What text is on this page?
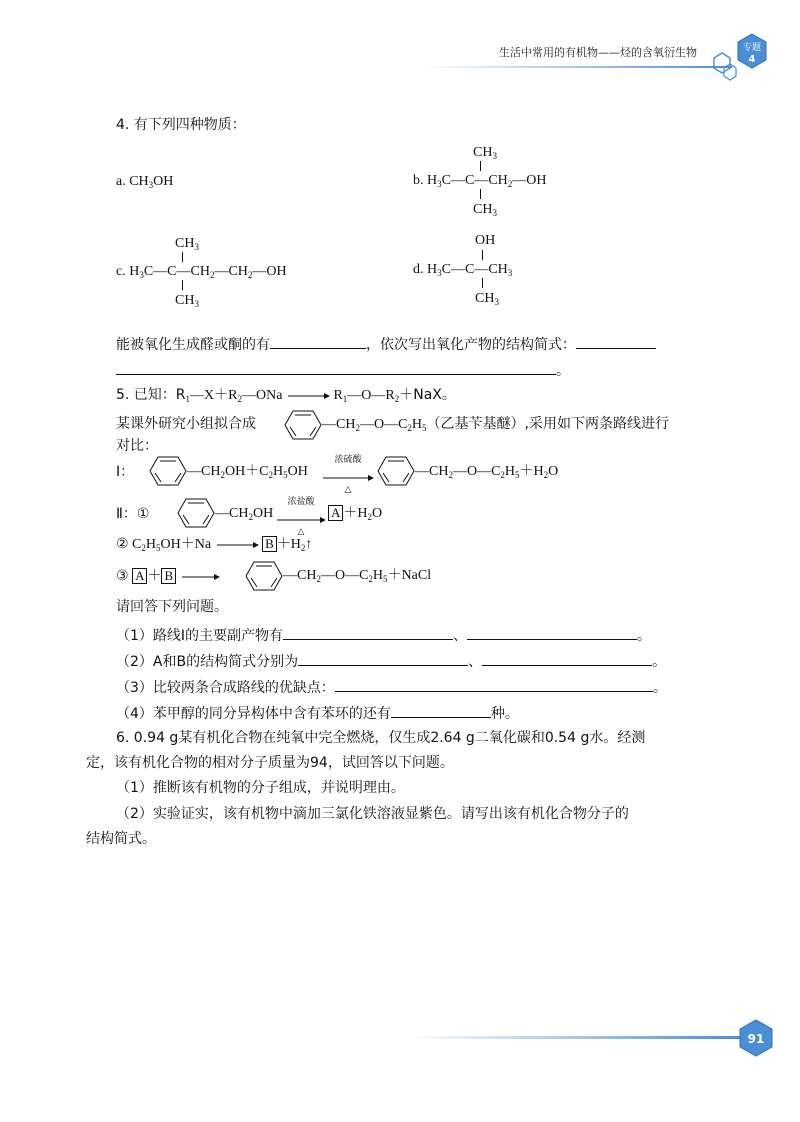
生活中常用的有机物——烃的含氧衍生物	专题
4
4. 有下列四种物质：
a. $CH_3OH$
$CH_3$
b. $H_3C—C—CH_2—OH$
$CH_3$
$CH_3$
c. $H_3C—C—CH_2—CH_2—OH$
$CH_3$
OH
d. $H_3C—C—CH_3$
$CH_3$
能被氧化生成醛或酮的有	，依次写出氧化产物的结构简式：
。
5. 已知：$R_1—X+R_2—ONa$	$R_1—O—R_2+NaX$。
某课外研究小组拟合成	$—CH_2—O—C_2H_5$（乙基苄基醚）,采用如下两条路线进行
对比：
Ⅰ：	$—CH_2OH+C_2H_5OH$
浓硫酸
△
$—CH_2—O—C_2H_5+H_2O$
Ⅱ：①	$—CH_2OH$
浓盐酸
△
$A +H_2O$
② $C_2H_5OH+Na$	$B +H_2↑$
③ A ＋ B	$—CH_2—O—C_2H_5+NaCl$
请回答下列问题。
（1）路线Ⅰ的主要副产物有	、	。
（2）A和B的结构简式分别为	、	。
（3）比较两条合成路线的优缺点：	。
（4）苯甲醇的同分异构体中含有苯环的还有	种。
6. 0.94 g某有机化合物在纯氧中完全燃烧，仅生成2.64 g二氧化碳和0.54 g水。经测
定，该有机化合物的相对分子质量为94，试回答以下问题。
（1）推断该有机物的分子组成，并说明理由。
（2）实验证实，该有机物中滴加三氯化铁溶液显紫色。请写出该有机化合物分子的
结构简式。
91
